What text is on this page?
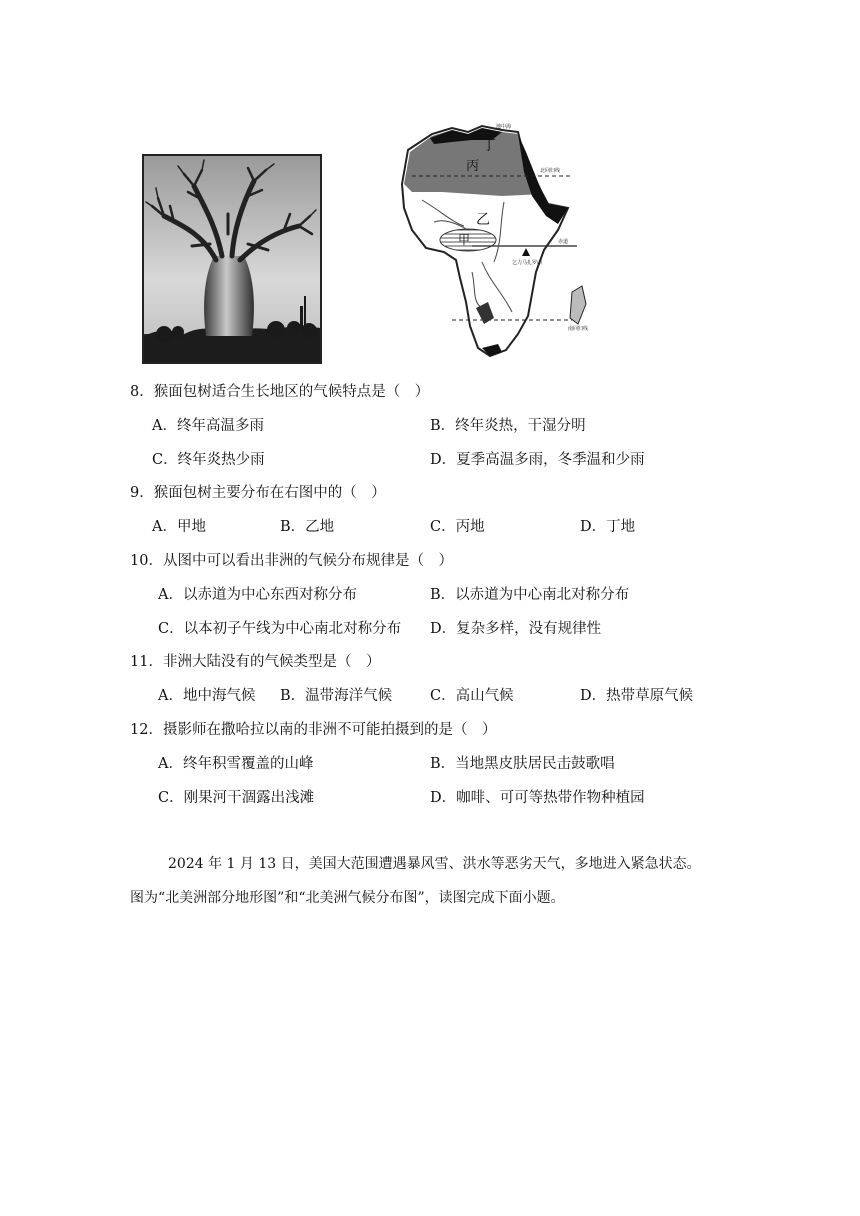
丁
丙
乙
甲
地中海
北回归线
赤道
乞力马扎罗山
南回归线
8．猴面包树适合生长地区的气候特点是（　）
A．终年高温多雨	B．终年炎热，干湿分明
C．终年炎热少雨	D．夏季高温多雨，冬季温和少雨
9．猴面包树主要分布在右图中的（　）
A．甲地	B．乙地	C．丙地	D．丁地
10．从图中可以看出非洲的气候分布规律是（　）
A．以赤道为中心东西对称分布	B．以赤道为中心南北对称分布
C．以本初子午线为中心南北对称分布 D．复杂多样，没有规律性
11．非洲大陆没有的气候类型是（　）
A．地中海气候 B．温带海洋气候	C．高山气候	D．热带草原气候
12．摄影师在撒哈拉以南的非洲不可能拍摄到的是（　）
A．终年积雪覆盖的山峰	B．当地黑皮肤居民击鼓歌唱
C．刚果河干涸露出浅滩	D．咖啡、可可等热带作物种植园
2024 年 1 月 13 日，美国大范围遭遇暴风雪、洪水等恶劣天气，多地进入紧急状态。
图为“北美洲部分地形图”和“北美洲气候分布图”，读图完成下面小题。
